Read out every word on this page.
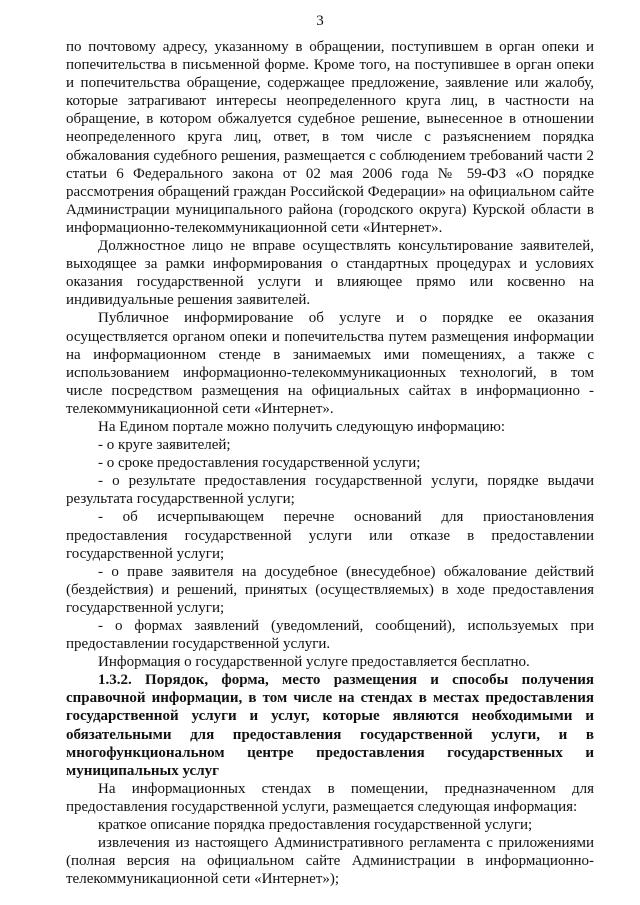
3

по почтовому адресу, указанному в обращении, поступившем в орган опеки и попечительства в письменной форме. Кроме того, на поступившее в орган опеки и попечительства обращение, содержащее предложение, заявление или жалобу, которые затрагивают интересы неопределенного круга лиц, в частности на обращение, в котором обжалуется судебное решение, вынесенное в отношении неопределенного круга лиц, ответ, в том числе с разъяснением порядка обжалования судебного решения, размещается с соблюдением требований части 2 статьи 6 Федерального закона от 02 мая 2006 года № 59-ФЗ «О порядке рассмотрения обращений граждан Российской Федерации» на официальном сайте Администрации муниципального района (городского округа) Курской области в информационно-телекоммуникационной сети «Интернет».

Должностное лицо не вправе осуществлять консультирование заявителей, выходящее за рамки информирования о стандартных процедурах и условиях оказания государственной услуги и влияющее прямо или косвенно на индивидуальные решения заявителей.

Публичное информирование об услуге и о порядке ее оказания осуществляется органом опеки и попечительства путем размещения информации на информационном стенде в занимаемых ими помещениях, а также с использованием информационно-телекоммуникационных технологий, в том числе посредством размещения на официальных сайтах в информационно - телекоммуникационной сети «Интернет».

На Едином портале можно получить следующую информацию:

- о круге заявителей;

- о сроке предоставления государственной услуги;

- о результате предоставления государственной услуги, порядке выдачи результата государственной услуги;

- об исчерпывающем перечне оснований для приостановления предоставления государственной услуги или отказе в предоставлении государственной услуги;

- о праве заявителя на досудебное (внесудебное) обжалование действий (бездействия) и решений, принятых (осуществляемых) в ходе предоставления государственной услуги;

- о формах заявлений (уведомлений, сообщений), используемых при предоставлении государственной услуги.

Информация о государственной услуге предоставляется бесплатно.

1.3.2. Порядок, форма, место размещения и способы получения справочной информации, в том числе на стендах в местах предоставления государственной услуги и услуг, которые являются необходимыми и обязательными для предоставления государственной услуги, и в многофункциональном центре предоставления государственных и муниципальных услуг

На информационных стендах в помещении, предназначенном для предоставления государственной услуги, размещается следующая информация:

краткое описание порядка предоставления государственной услуги;

извлечения из настоящего Административного регламента с приложениями (полная версия на официальном сайте Администрации в информационно-телекоммуникационной сети «Интернет»);
